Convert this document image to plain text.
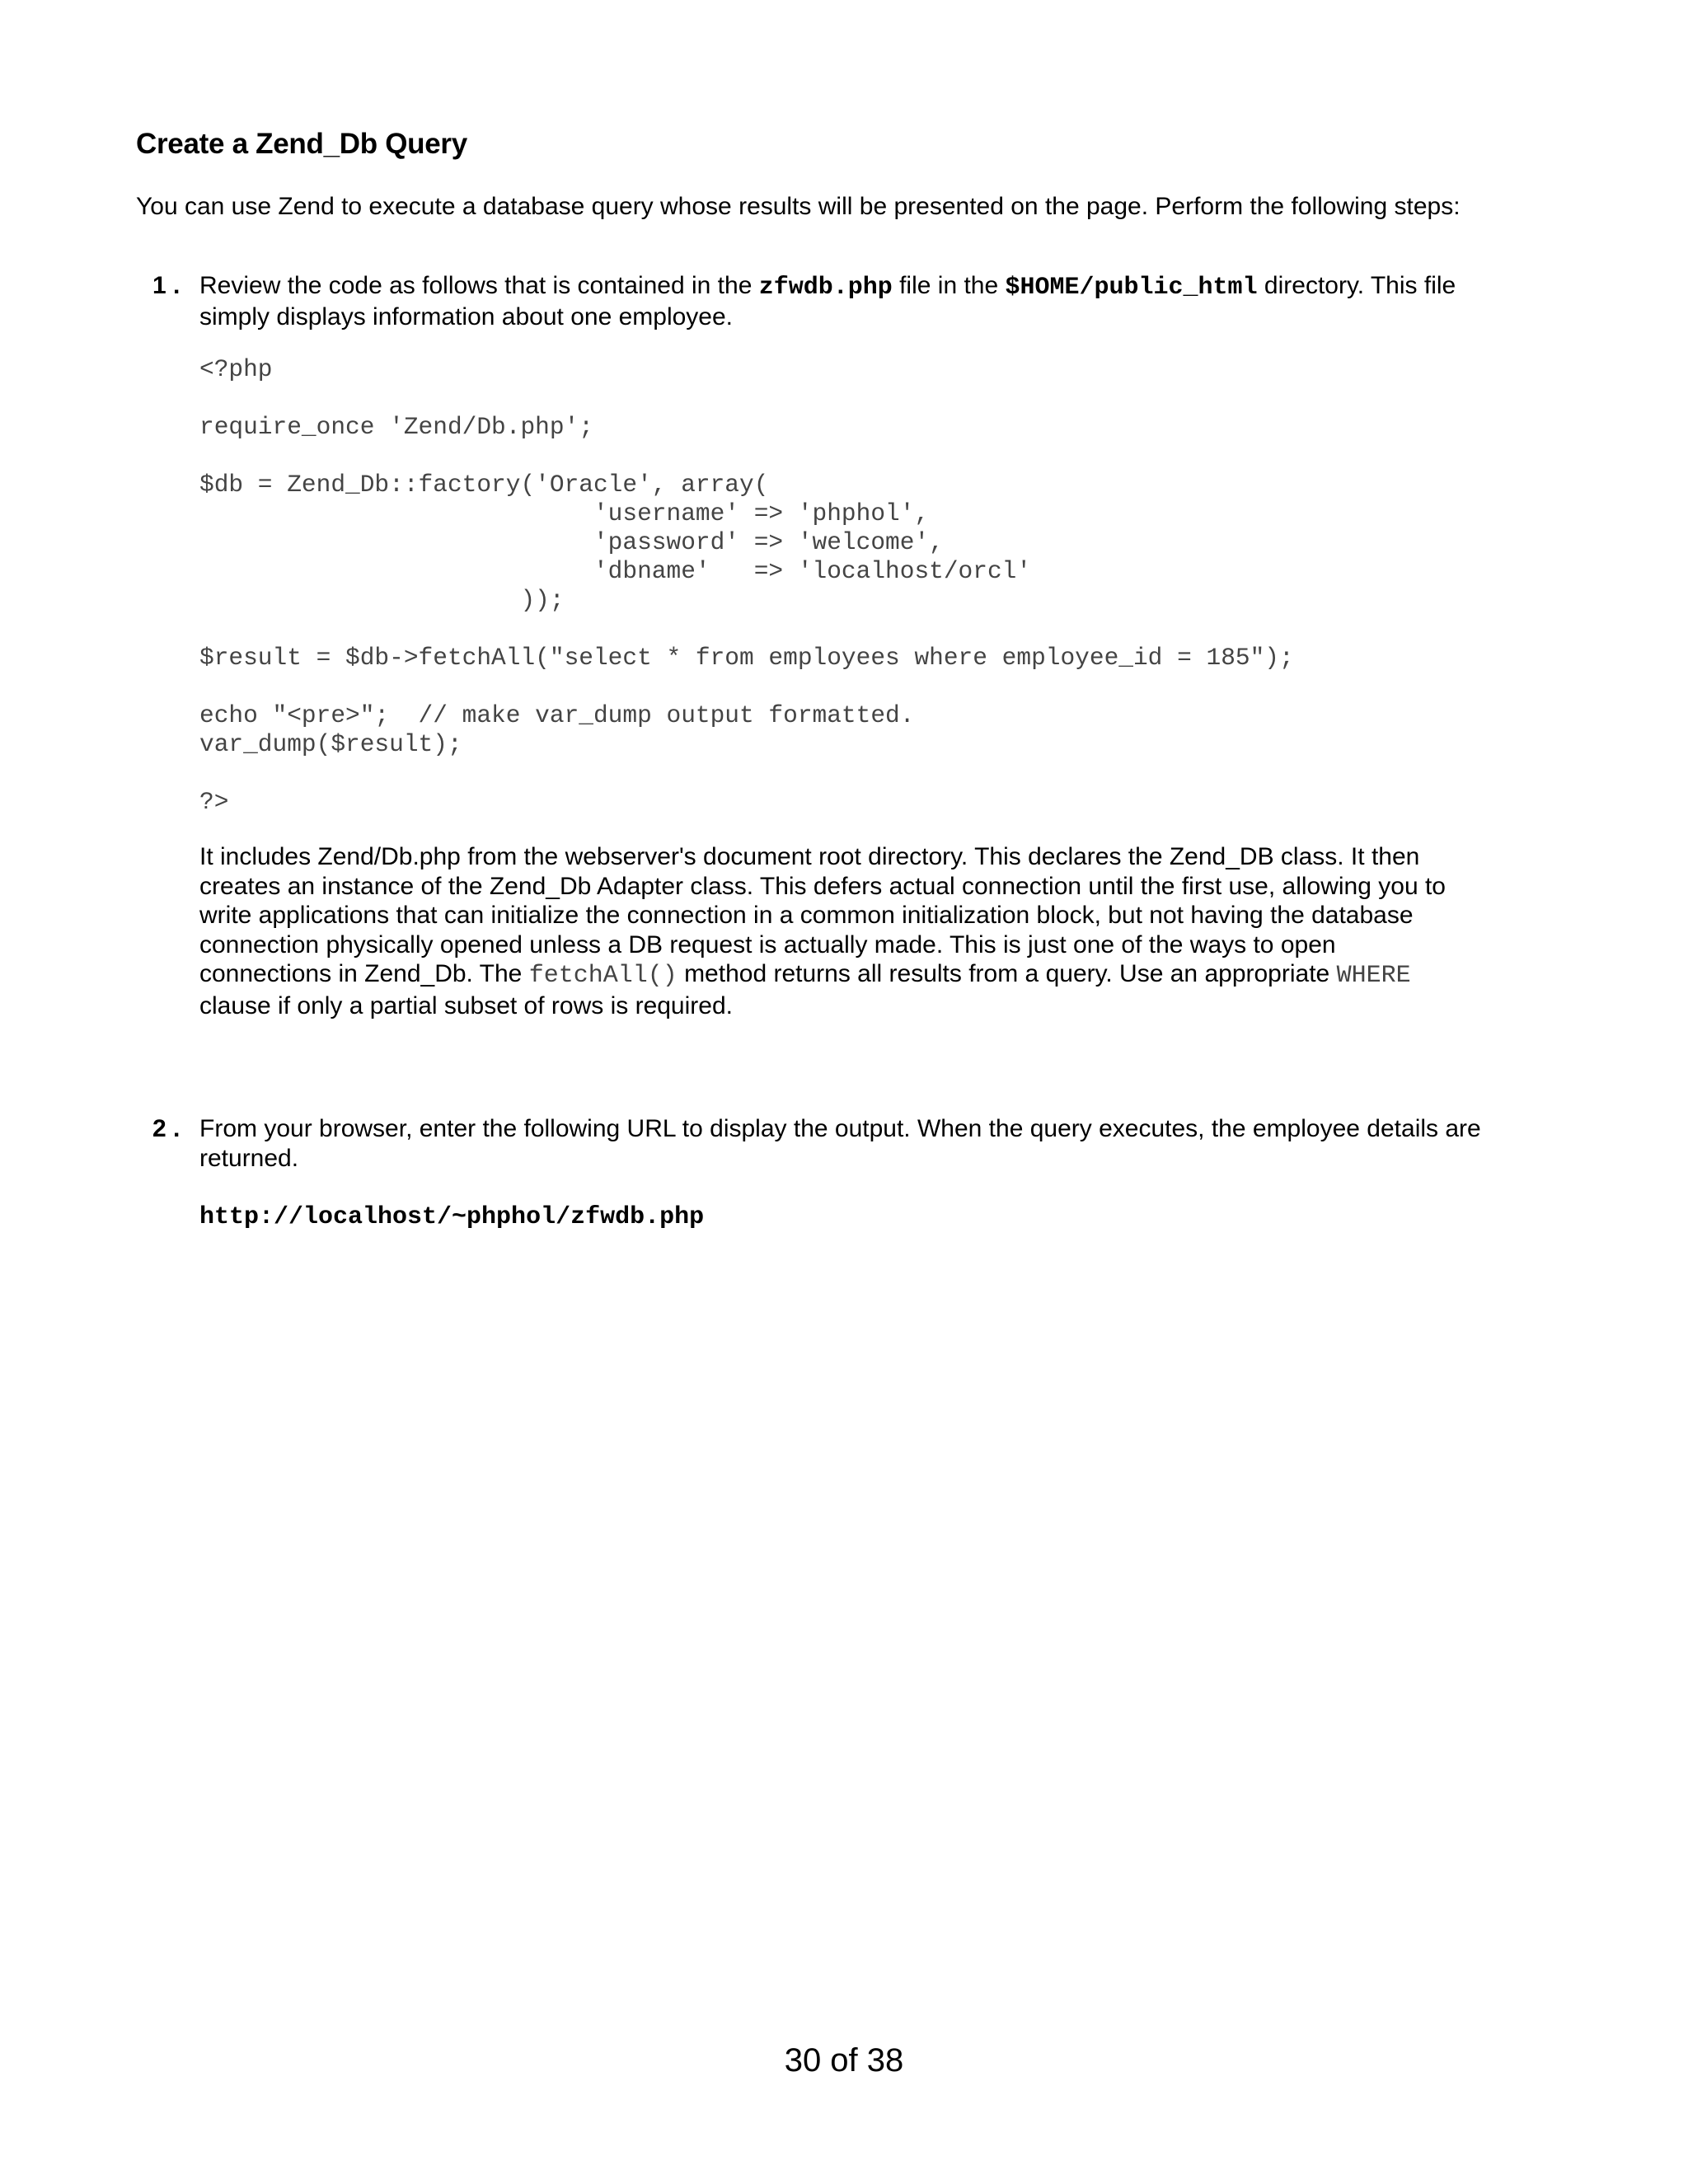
Create a Zend_Db Query

You can use Zend to execute a database query whose results will be presented on the page. Perform the following steps:

1 . Review the code as follows that is contained in the zfwdb.php file in the $HOME/public_html directory. This file simply displays information about one employee.

<?php

require_once 'Zend/Db.php';

$db = Zend_Db::factory('Oracle', array(
'username' => 'phphol',
'password' => 'welcome',
'dbname'   => 'localhost/orcl'
));

$result = $db->fetchAll("select * from employees where employee_id = 185");

echo "<pre>";  // make var_dump output formatted.
var_dump($result);

?>

It includes Zend/Db.php from the webserver's document root directory. This declares the Zend_DB class. It then creates an instance of the Zend_Db Adapter class. This defers actual connection until the first use, allowing you to write applications that can initialize the connection in a common initialization block, but not having the database connection physically opened unless a DB request is actually made. This is just one of the ways to open connections in Zend_Db. The fetchAll() method returns all results from a query. Use an appropriate WHERE clause if only a partial subset of rows is required.

2 . From your browser, enter the following URL to display the output. When the query executes, the employee details are returned.

http://localhost/~phphol/zfwdb.php
30 of 38
